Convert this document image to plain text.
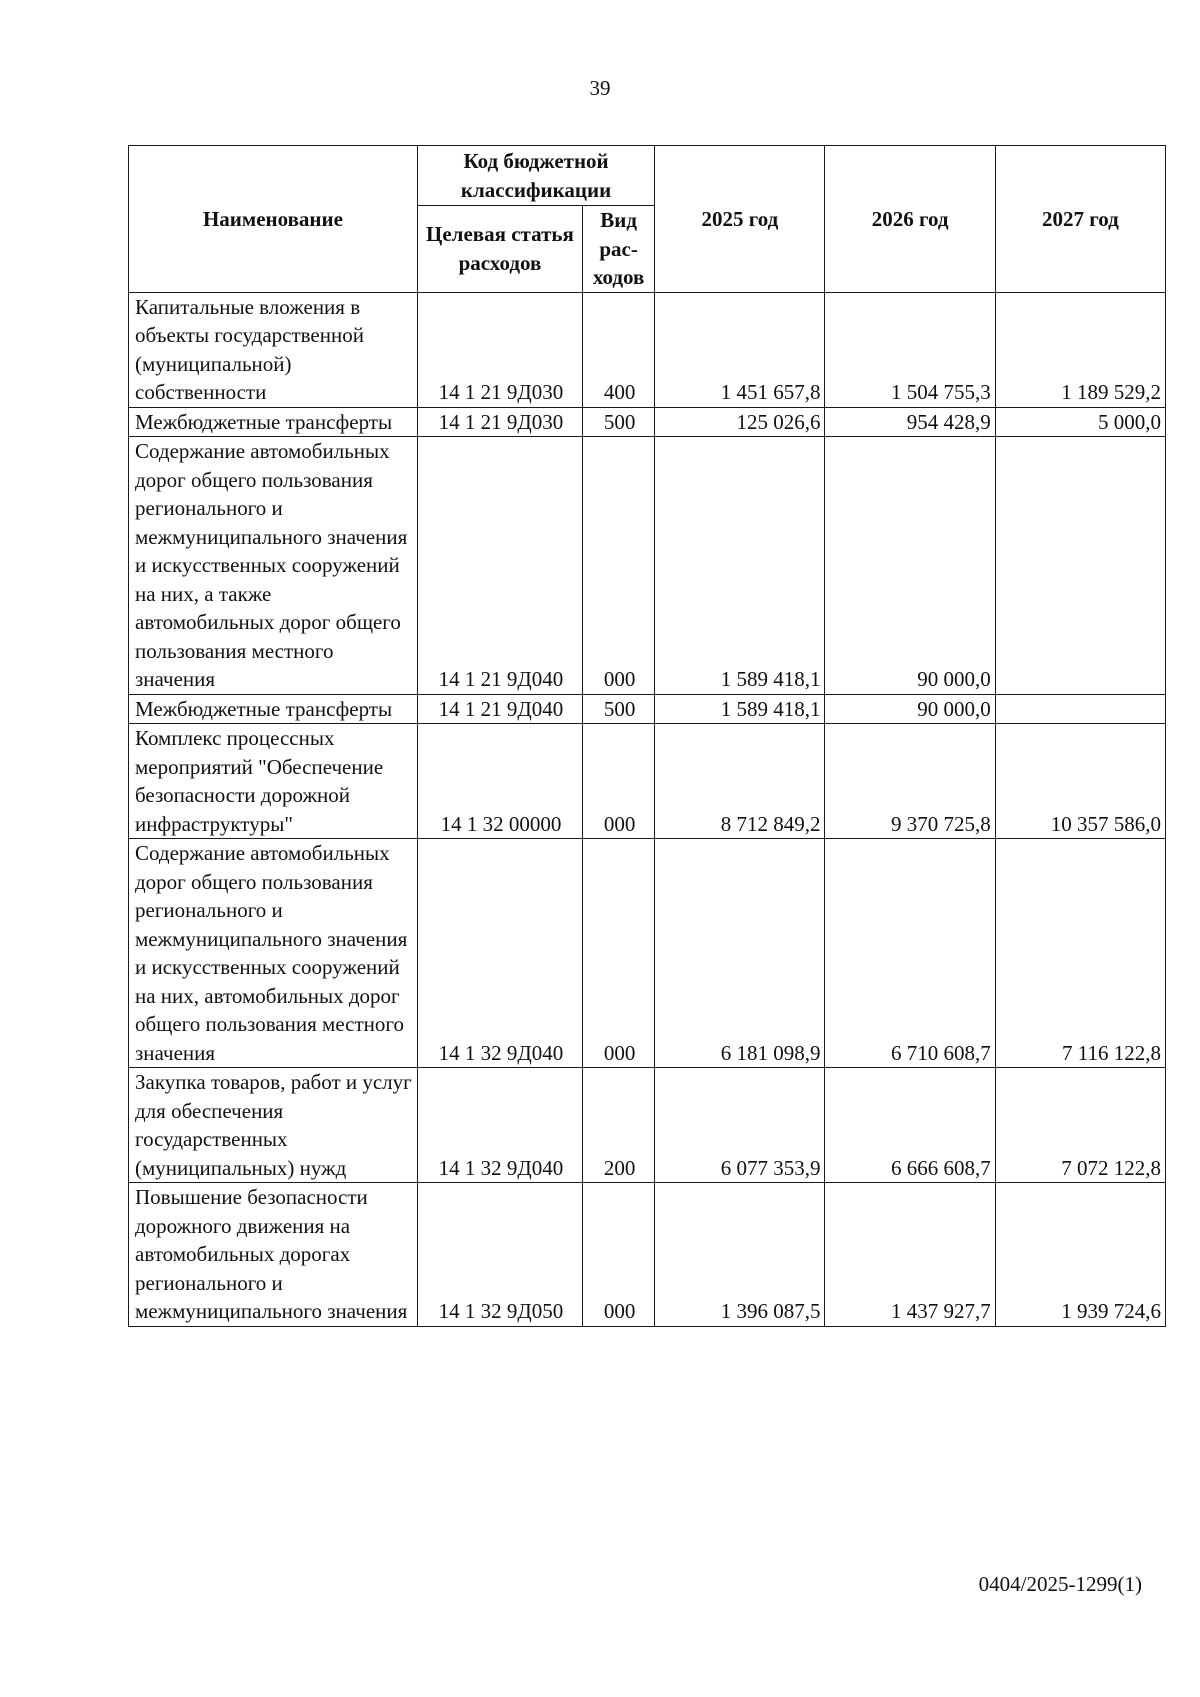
39
Наименование	Код бюджетной классификации		2025 год	2026 год	2027 год
	Целевая статья расходов	Вид рас-ходов			
Капитальные вложения в объекты государственной (муниципальной) собственности	14 1 21 9Д030	400	1 451 657,8	1 504 755,3	1 189 529,2
Межбюджетные трансферты	14 1 21 9Д030	500	125 026,6	954 428,9	5 000,0
Содержание автомобильных дорог общего пользования регионального и межмуниципального значения и искусственных сооружений на них, а также автомобильных дорог общего пользования местного значения	14 1 21 9Д040	000	1 589 418,1	90 000,0	
Межбюджетные трансферты	14 1 21 9Д040	500	1 589 418,1	90 000,0	
Комплекс процессных мероприятий "Обеспечение безопасности дорожной инфраструктуры"	14 1 32 00000	000	8 712 849,2	9 370 725,8	10 357 586,0
Содержание автомобильных дорог общего пользования регионального и межмуниципального значения и искусственных сооружений на них, автомобильных дорог общего пользования местного значения	14 1 32 9Д040	000	6 181 098,9	6 710 608,7	7 116 122,8
Закупка товаров, работ и услуг для обеспечения государственных (муниципальных) нужд	14 1 32 9Д040	200	6 077 353,9	6 666 608,7	7 072 122,8
Повышение безопасности дорожного движения на автомобильных дорогах регионального и межмуниципального значения	14 1 32 9Д050	000	1 396 087,5	1 437 927,7	1 939 724,6
0404/2025-1299(1)
